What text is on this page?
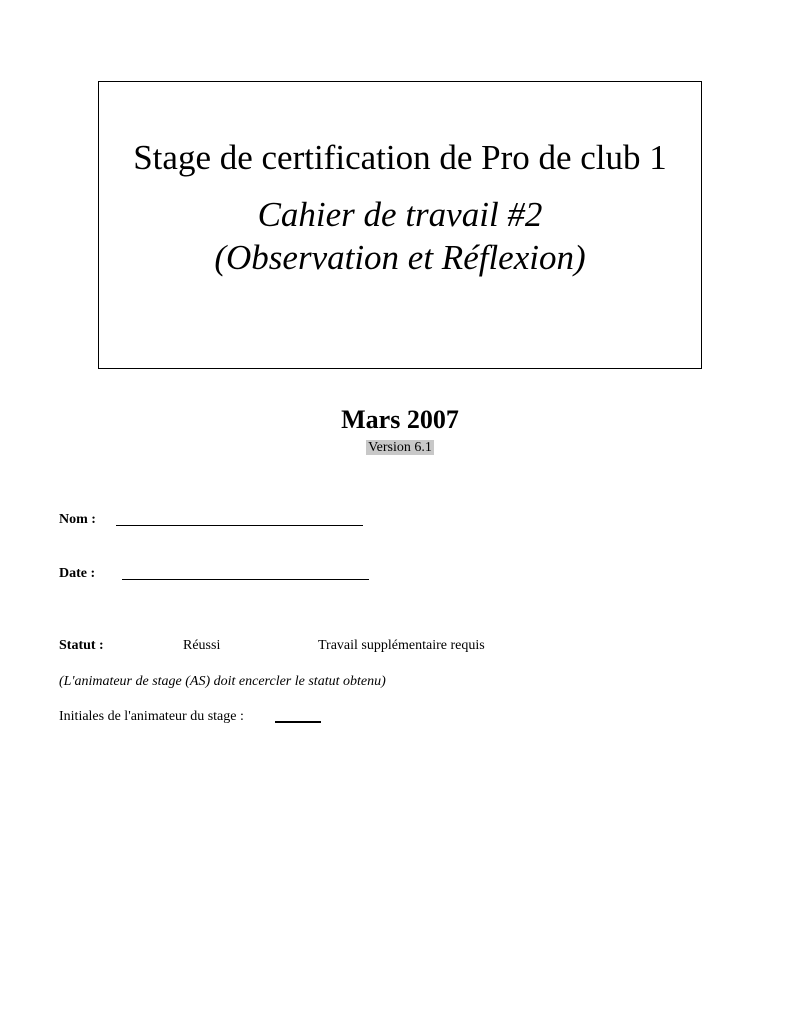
Stage de certification de Pro de club 1
Cahier de travail #2
(Observation et Réflexion)
Mars 2007
Version 6.1
Nom :
Date :
Statut :	Réussi	Travail supplémentaire requis
(L'animateur de stage (AS) doit encercler le statut obtenu)
Initiales de l'animateur du stage :
